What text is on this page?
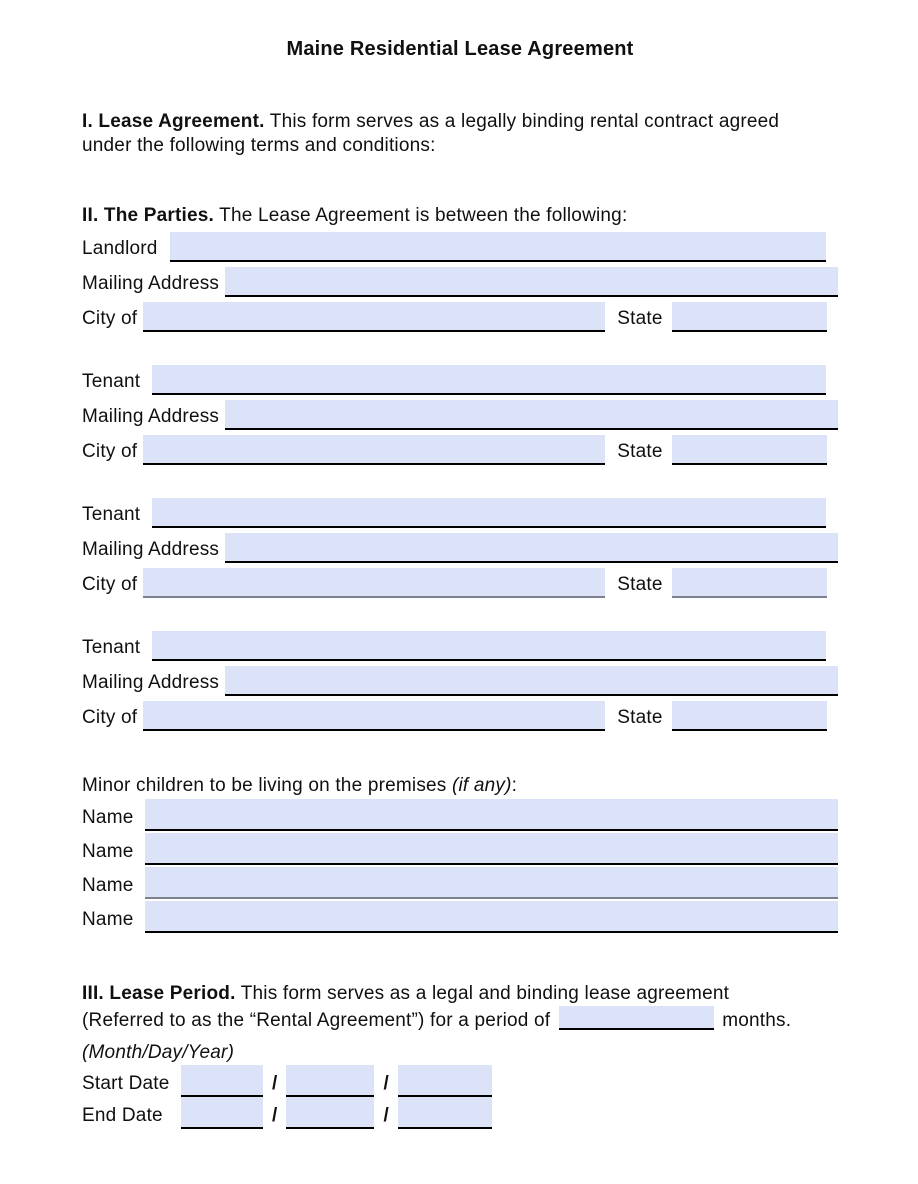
Maine Residential Lease Agreement

I. Lease Agreement. This form serves as a legally binding rental contract agreed
under the following terms and conditions:

II. The Parties. The Lease Agreement is between the following:

Landlord
Mailing Address
City of	State
Tenant
Mailing Address
City of	State
Tenant
Mailing Address
City of	State
Tenant
Mailing Address
City of	State

Minor children to be living on the premises (if any):

Name
Name
Name
Name

III. Lease Period. This form serves as a legal and binding lease agreement
(Referred to as the “Rental Agreement”) for a period of	months.

(Month/Day/Year)

Start Date	/	/
End Date	/	/
